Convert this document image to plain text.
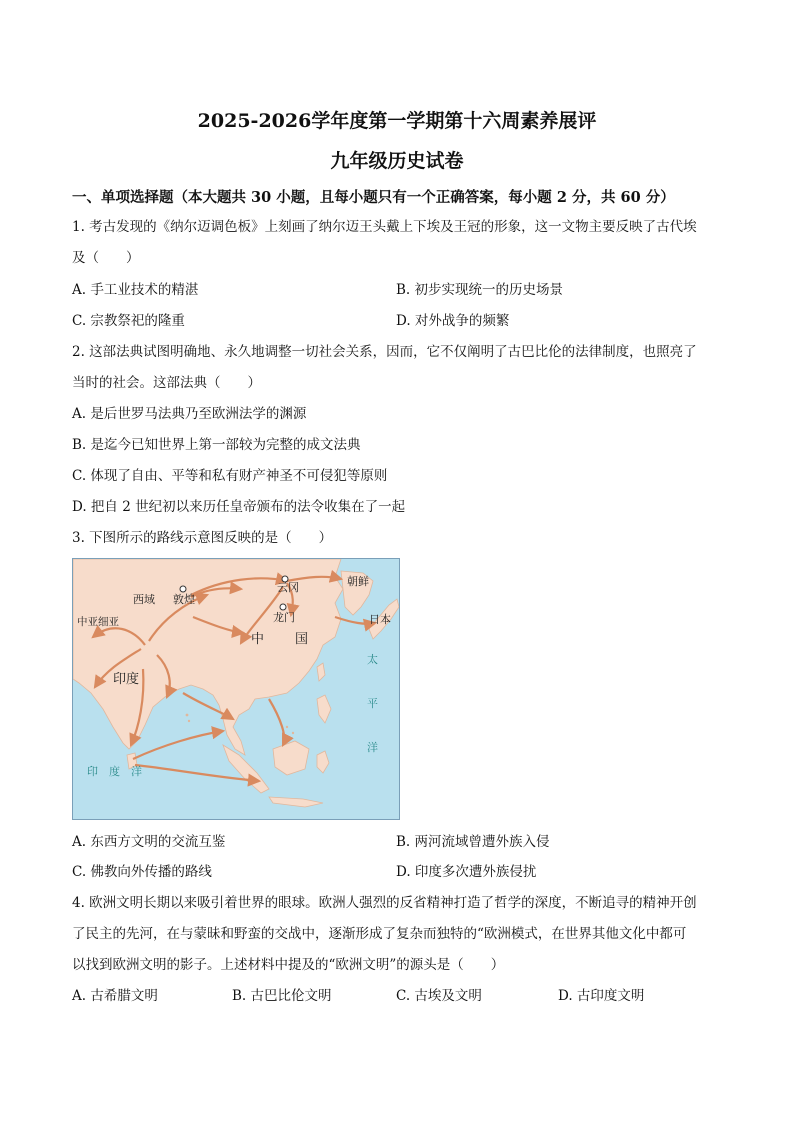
2025-2026学年度第一学期第十六周素养展评
九年级历史试卷
一、单项选择题（本大题共 30 小题，且每小题只有一个正确答案，每小题 2 分，共 60 分）
1. 考古发现的《纳尔迈调色板》上刻画了纳尔迈王头戴上下埃及王冠的形象，这一文物主要反映了古代埃
及（　　）
A. 手工业技术的精湛	B. 初步实现统一的历史场景
C. 宗教祭祀的隆重	D. 对外战争的频繁
2. 这部法典试图明确地、永久地调整一切社会关系，因而，它不仅阐明了古巴比伦的法律制度，也照亮了
当时的社会。这部法典（　　）
A. 是后世罗马法典乃至欧洲法学的渊源
B. 是迄今已知世界上第一部较为完整的成文法典
C. 体现了自由、平等和私有财产神圣不可侵犯等原则
D. 把自 2 世纪初以来历任皇帝颁布的法令收集在了一起
3. 下图所示的路线示意图反映的是（　　）
西域 敦煌
云冈	朝鲜
中亚细亚	龙门
中 国
日本
印度
太
平
洋
印　度　洋
A. 东西方文明的交流互鉴	B. 两河流域曾遭外族入侵
C. 佛教向外传播的路线	D. 印度多次遭外族侵扰
4. 欧洲文明长期以来吸引着世界的眼球。欧洲人强烈的反省精神打造了哲学的深度，不断追寻的精神开创
了民主的先河，在与蒙昧和野蛮的交战中，逐渐形成了复杂而独特的“欧洲模式，在世界其他文化中都可
以找到欧洲文明的影子。上述材料中提及的“欧洲文明”的源头是（　　）
A. 古希腊文明	B. 古巴比伦文明	C. 古埃及文明	D. 古印度文明
